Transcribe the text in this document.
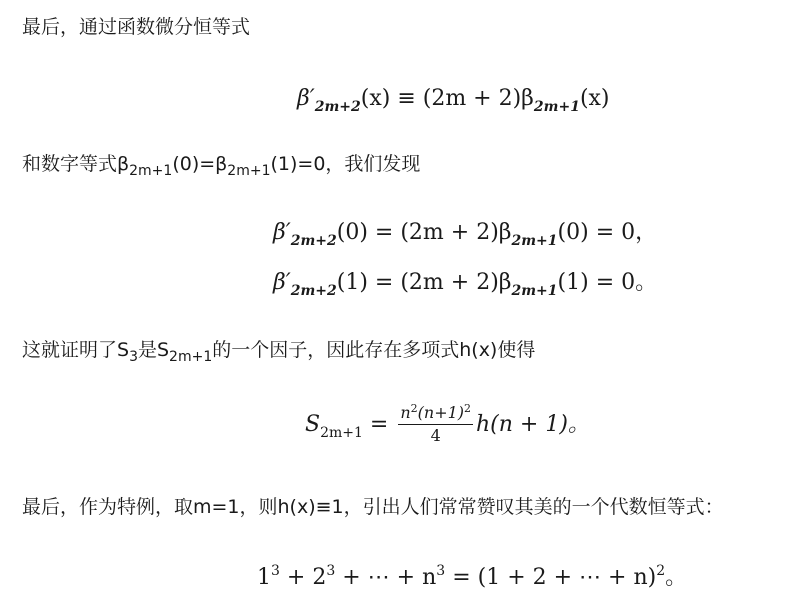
最后，通过函数微分恒等式
$\beta'_{2m+2}(x) \equiv (2m + 2)\beta_{2m+1}(x)$
和数字等式$\beta_{2m+1}(0)=\beta_{2m+1}(1)=0$，我们发现
$\beta'_{2m+2}(0) = (2m + 2)\beta_{2m+1}(0) = 0$，
$\beta'_{2m+2}(1) = (2m + 2)\beta_{2m+1}(1) = 0$。
这就证明了$S_3$是$S_{2m+1}$的一个因子，因此存在多项式h(x)使得
$S_{2m+1} = \frac{n^2(n+1)^2}{4} h(n + 1)$。
最后，作为特例，取m=1，则h(x)≡1，引出人们常常赞叹其美的一个代数恒等式：
$1^3 + 2^3$ + ⋯ + $n^3 = (1 + 2$ + ⋯ + n)$^2$。
